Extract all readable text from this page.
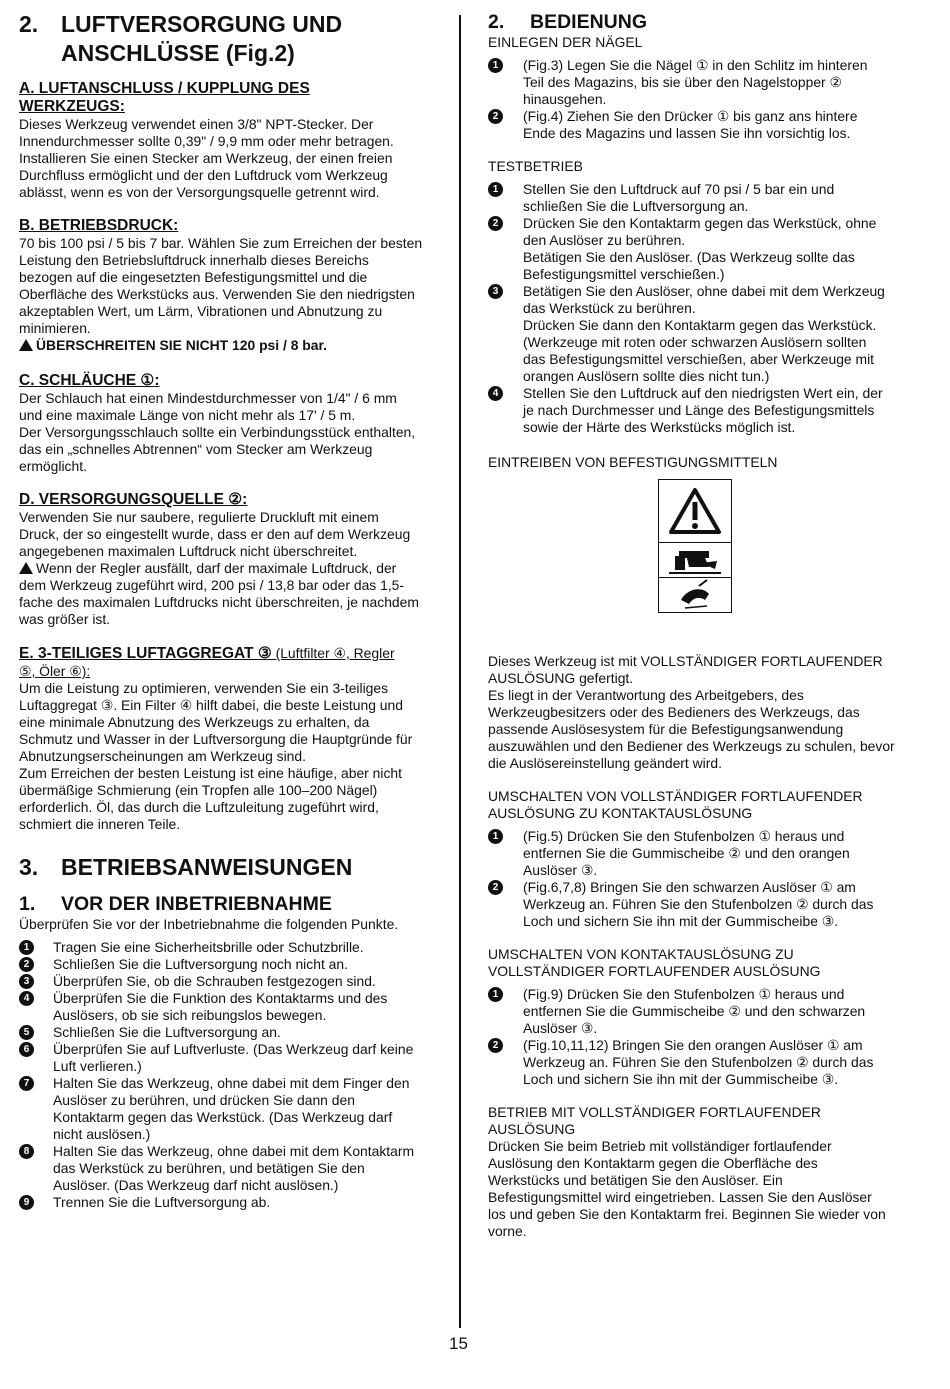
2. LUFTVERSORGUNG UND
ANSCHLÜSSE (Fig.2)
A. LUFTANSCHLUSS / KUPPLUNG DES
WERKZEUGS:

Dieses Werkzeug verwendet einen 3/8" NPT-Stecker. Der

Innendurchmesser sollte 0,39" / 9,9 mm oder mehr betragen.

Installieren Sie einen Stecker am Werkzeug, der einen freien

Durchfluss ermöglicht und der den Luftdruck vom Werkzeug

ablässt, wenn es von der Versorgungsquelle getrennt wird.

B. BETRIEBSDRUCK:

70 bis 100 psi / 5 bis 7 bar. Wählen Sie zum Erreichen der besten

Leistung den Betriebsluftdruck innerhalb dieses Bereichs

bezogen auf die eingesetzten Befestigungsmittel und die

Oberfläche des Werkstücks aus. Verwenden Sie den niedrigsten

akzeptablen Wert, um Lärm, Vibrationen und Abnutzung zu

minimieren.

ÜBERSCHREITEN SIE NICHT 120 psi / 8 bar.

C. SCHLÄUCHE ①:

Der Schlauch hat einen Mindestdurchmesser von 1/4" / 6 mm

und eine maximale Länge von nicht mehr als 17' / 5 m.

Der Versorgungsschlauch sollte ein Verbindungsstück enthalten,

das ein „schnelles Abtrennen“ vom Stecker am Werkzeug

ermöglicht.

D. VERSORGUNGSQUELLE ②:

Verwenden Sie nur saubere, regulierte Druckluft mit einem

Druck, der so eingestellt wurde, dass er den auf dem Werkzeug

angegebenen maximalen Luftdruck nicht überschreitet.

Wenn der Regler ausfällt, darf der maximale Luftdruck, der

dem Werkzeug zugeführt wird, 200 psi / 13,8 bar oder das 1,5-

fache des maximalen Luftdrucks nicht überschreiten, je nachdem

was größer ist.

E. 3-TEILIGES LUFTAGGREGAT ③ (Luftfilter ④, Regler

⑤, Öler ⑥):

Um die Leistung zu optimieren, verwenden Sie ein 3-teiliges

Luftaggregat ③. Ein Filter ④ hilft dabei, die beste Leistung und

eine minimale Abnutzung des Werkzeugs zu erhalten, da

Schmutz und Wasser in der Luftversorgung die Hauptgründe für

Abnutzungserscheinungen am Werkzeug sind.

Zum Erreichen der besten Leistung ist eine häufige, aber nicht

übermäßige Schmierung (ein Tropfen alle 100–200 Nägel)

erforderlich. Öl, das durch die Luftzuleitung zugeführt wird,

schmiert die inneren Teile.

3. BETRIEBSANWEISUNGEN
1.	VOR DER INBETRIEBNAHME

Überprüfen Sie vor der Inbetriebnahme die folgenden Punkte.

1	Tragen Sie eine Sicherheitsbrille oder Schutzbrille.
2	Schließen Sie die Luftversorgung noch nicht an.
3	Überprüfen Sie, ob die Schrauben festgezogen sind.
4	Überprüfen Sie die Funktion des Kontaktarms und des
Auslösers, ob sie sich reibungslos bewegen.
5	Schließen Sie die Luftversorgung an.
6	Überprüfen Sie auf Luftverluste. (Das Werkzeug darf keine
Luft verlieren.)
7	Halten Sie das Werkzeug, ohne dabei mit dem Finger den
Auslöser zu berühren, und drücken Sie dann den
Kontaktarm gegen das Werkstück. (Das Werkzeug darf
nicht auslösen.)
8	Halten Sie das Werkzeug, ohne dabei mit dem Kontaktarm
das Werkstück zu berühren, und betätigen Sie den
Auslöser. (Das Werkzeug darf nicht auslösen.)
9	Trennen Sie die Luftversorgung ab.
2.	BEDIENUNG

EINLEGEN DER NÄGEL

1	(Fig.3) Legen Sie die Nägel ① in den Schlitz im hinteren
Teil des Magazins, bis sie über den Nagelstopper ②
hinausgehen.
2	(Fig.4) Ziehen Sie den Drücker ① bis ganz ans hintere
Ende des Magazins und lassen Sie ihn vorsichtig los.

TESTBETRIEB

1	Stellen Sie den Luftdruck auf 70 psi / 5 bar ein und
schließen Sie die Luftversorgung an.
2	Drücken Sie den Kontaktarm gegen das Werkstück, ohne
den Auslöser zu berühren.
Betätigen Sie den Auslöser. (Das Werkzeug sollte das
Befestigungsmittel verschießen.)
3	Betätigen Sie den Auslöser, ohne dabei mit dem Werkzeug
das Werkstück zu berühren.
Drücken Sie dann den Kontaktarm gegen das Werkstück.
(Werkzeuge mit roten oder schwarzen Auslösern sollten
das Befestigungsmittel verschießen, aber Werkzeuge mit
orangen Auslösern sollte dies nicht tun.)
4	Stellen Sie den Luftdruck auf den niedrigsten Wert ein, der
je nach Durchmesser und Länge des Befestigungsmittels
sowie der Härte des Werkstücks möglich ist.

EINTREIBEN VON BEFESTIGUNGSMITTELN

Dieses Werkzeug ist mit VOLLSTÄNDIGER FORTLAUFENDER

AUSLÖSUNG gefertigt.

Es liegt in der Verantwortung des Arbeitgebers, des

Werkzeugbesitzers oder des Bedieners des Werkzeugs, das

passende Auslösesystem für die Befestigungsanwendung

auszuwählen und den Bediener des Werkzeugs zu schulen, bevor

die Auslösereinstellung geändert wird.

UMSCHALTEN VON VOLLSTÄNDIGER FORTLAUFENDER

AUSLÖSUNG ZU KONTAKTAUSLÖSUNG

1	(Fig.5) Drücken Sie den Stufenbolzen ① heraus und
entfernen Sie die Gummischeibe ② und den orangen
Auslöser ③.
2	(Fig.6,7,8) Bringen Sie den schwarzen Auslöser ① am
Werkzeug an. Führen Sie den Stufenbolzen ② durch das
Loch und sichern Sie ihn mit der Gummischeibe ③.

UMSCHALTEN VON KONTAKTAUSLÖSUNG ZU

VOLLSTÄNDIGER FORTLAUFENDER AUSLÖSUNG

1	(Fig.9) Drücken Sie den Stufenbolzen ① heraus und
entfernen Sie die Gummischeibe ② und den schwarzen
Auslöser ③.
2	(Fig.10,11,12) Bringen Sie den orangen Auslöser ① am
Werkzeug an. Führen Sie den Stufenbolzen ② durch das
Loch und sichern Sie ihn mit der Gummischeibe ③.

BETRIEB MIT VOLLSTÄNDIGER FORTLAUFENDER

AUSLÖSUNG

Drücken Sie beim Betrieb mit vollständiger fortlaufender

Auslösung den Kontaktarm gegen die Oberfläche des

Werkstücks und betätigen Sie den Auslöser. Ein

Befestigungsmittel wird eingetrieben. Lassen Sie den Auslöser

los und geben Sie den Kontaktarm frei. Beginnen Sie wieder von

vorne.

15
